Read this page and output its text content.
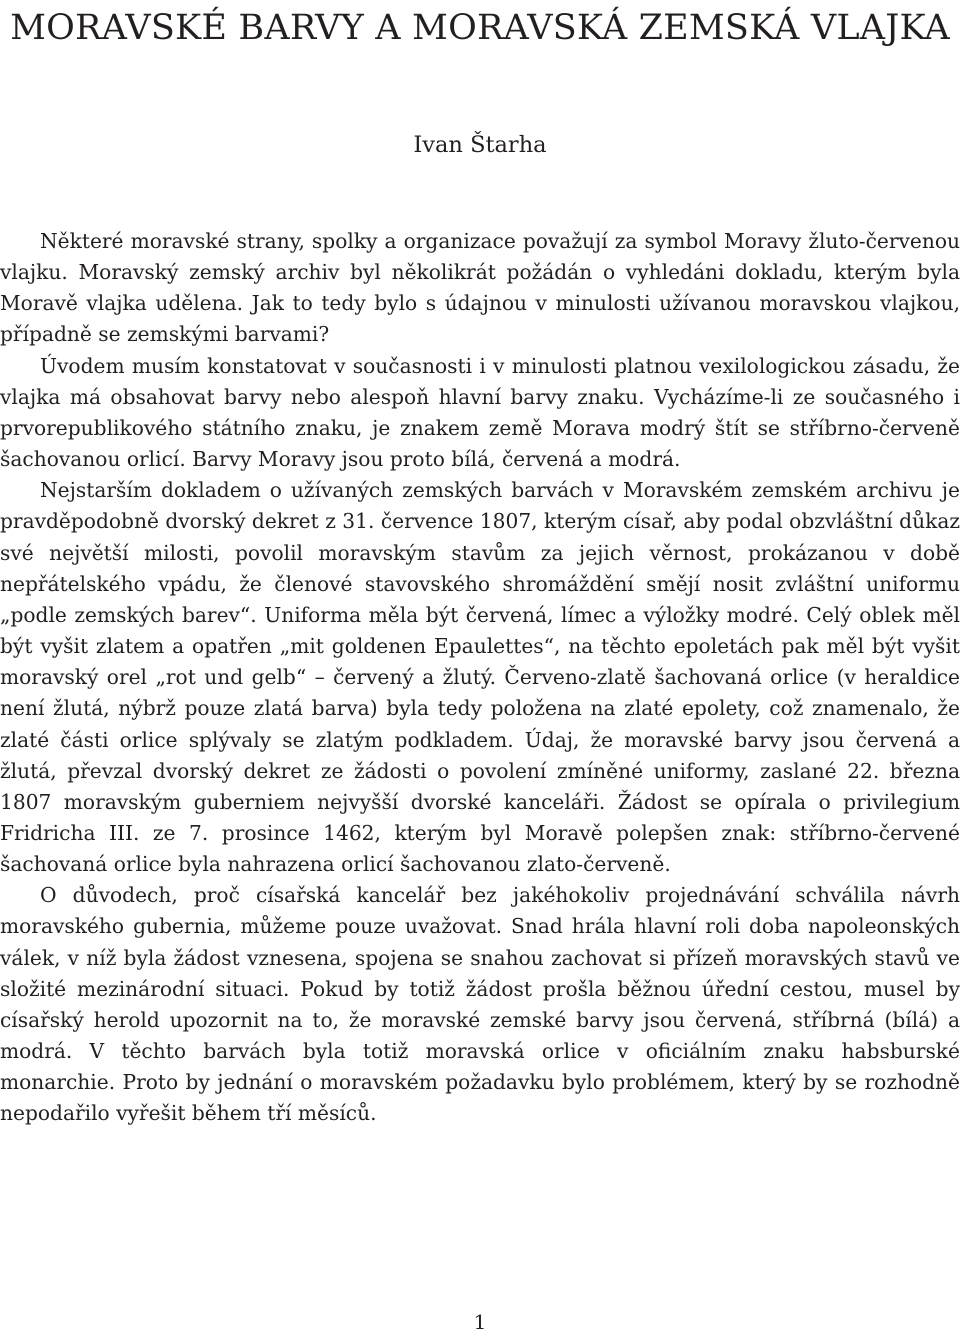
MORAVSKÉ BARVY A MORAVSKÁ ZEMSKÁ VLAJKA
Ivan Štarha

Některé moravské strany, spolky a organizace považují za symbol Moravy žluto-červenou vlajku. Moravský zemský archiv byl několikrát požádán o vyhledáni dokladu, kterým byla Moravě vlajka udělena. Jak to tedy bylo s údajnou v minulosti užívanou moravskou vlajkou, případně se zemskými barvami?

Úvodem musím konstatovat v současnosti i v minulosti platnou vexilologickou zásadu, že vlajka má obsahovat barvy nebo alespoň hlavní barvy znaku. Vycházíme-li ze současného i prvorepublikového státního znaku, je znakem země Morava modrý štít se stříbrno-červeně šachovanou orlicí. Barvy Moravy jsou proto bílá, červená a modrá.

Nejstarším dokladem o užívaných zemských barvách v Moravském zemském archivu je pravděpodobně dvorský dekret z 31. července 1807, kterým císař, aby podal obzvláštní důkaz své největší milosti, povolil moravským stavům za jejich věrnost, prokázanou v době nepřátelského vpádu, že členové stavovského shromáždění smějí nosit zvláštní uniformu „podle zemských barev“. Uniforma měla být červená, límec a výložky modré. Celý oblek měl být vyšit zlatem a opatřen „mit goldenen Epaulettes“, na těchto epoletách pak měl být vyšit moravský orel „rot und gelb“ – červený a žlutý. Červeno-zlatě šachovaná orlice (v heraldice není žlutá, nýbrž pouze zlatá barva) byla tedy položena na zlaté epolety, což znamenalo, že zlaté části orlice splývaly se zlatým podkladem. Údaj, že moravské barvy jsou červená a žlutá, převzal dvorský dekret ze žádosti o povolení zmíněné uniformy, zaslané 22. března 1807 moravským guberniem nejvyšší dvorské kanceláři. Žádost se opírala o privilegium Fridricha III. ze 7. prosince 1462, kterým byl Moravě polepšen znak: stříbrno-červené šachovaná orlice byla nahrazena orlicí šachovanou zlato-červeně.

O důvodech, proč císařská kancelář bez jakéhokoliv projednávání schválila návrh moravského gubernia, můžeme pouze uvažovat. Snad hrála hlavní roli doba napoleonských válek, v níž byla žádost vznesena, spojena se snahou zachovat si přízeň moravských stavů ve složité mezinárodní situaci. Pokud by totiž žádost prošla běžnou úřední cestou, musel by císařský herold upozornit na to, že moravské zemské barvy jsou červená, stříbrná (bílá) a modrá. V těchto barvách byla totiž moravská orlice v oficiálním znaku habsburské monarchie. Proto by jednání o moravském požadavku bylo problémem, který by se rozhodně nepodařilo vyřešit během tří měsíců.

1
